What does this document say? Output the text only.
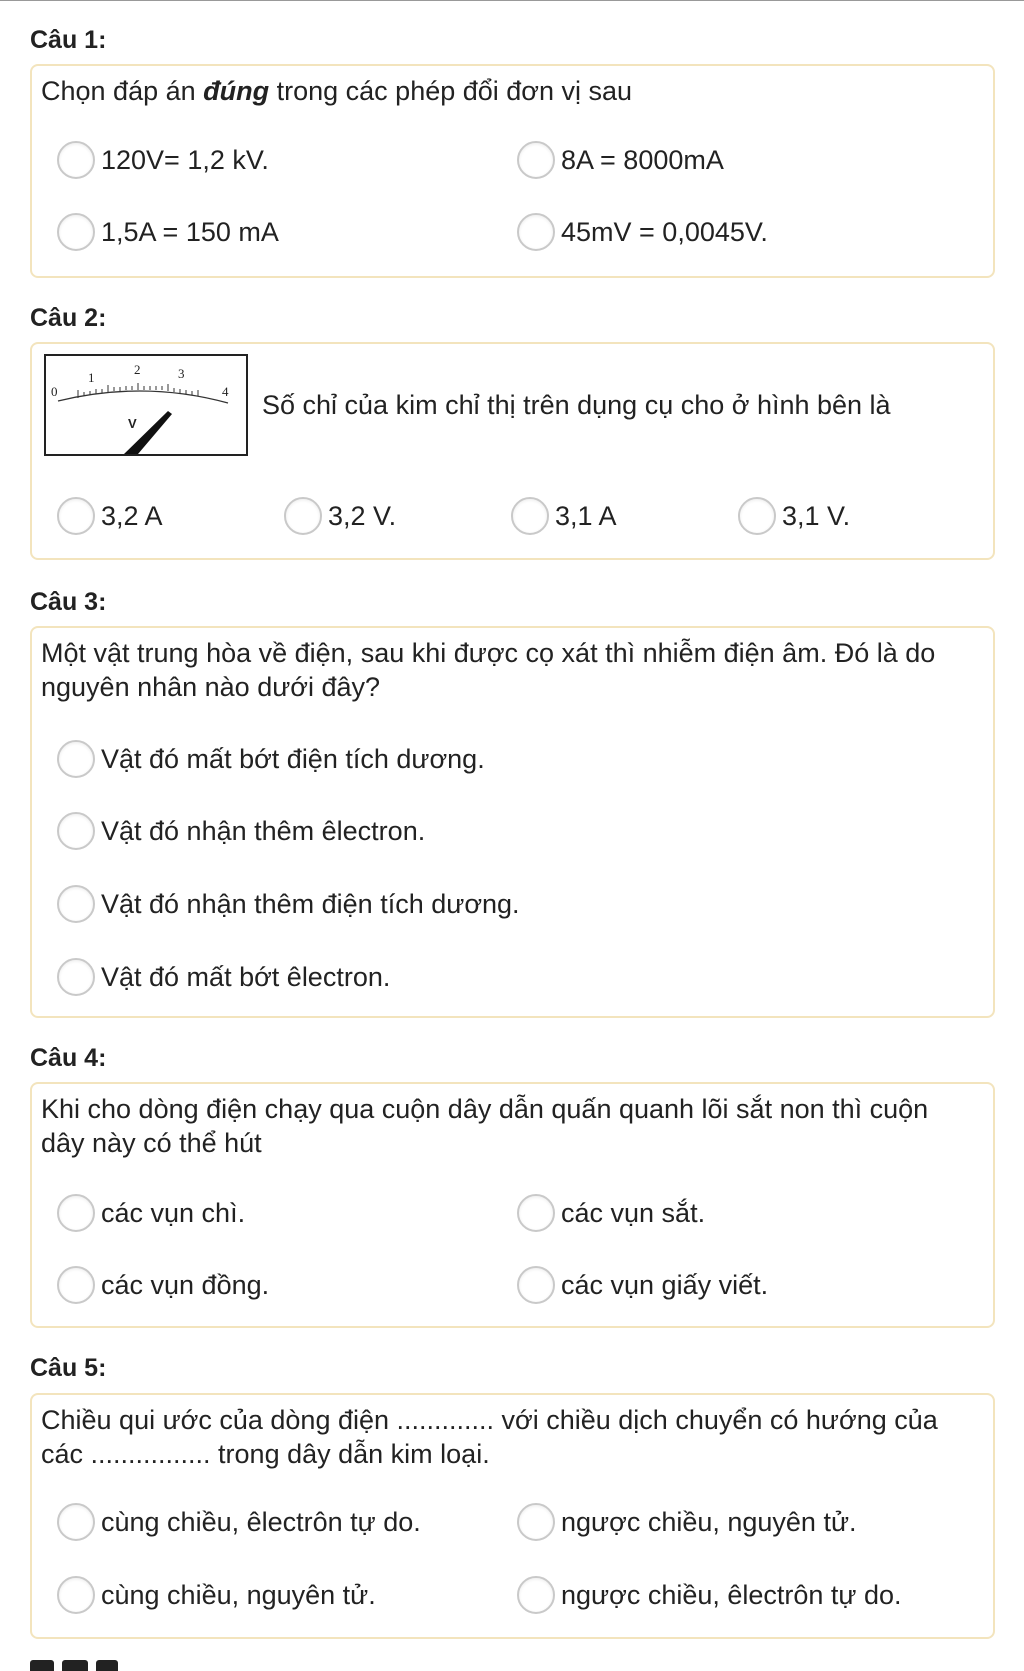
Câu 1:
Chọn đáp án đúng trong các phép đổi đơn vị sau
120V= 1,2 kV.	8A = 8000mA
1,5A = 150 mA	45mV = 0,0045V.
Câu 2:
0
1
2	3
4
V
Số chỉ của kim chỉ thị trên dụng cụ cho ở hình bên là
3,2 A	3,2 V.	3,1 A	3,1 V.
Câu 3:
Một vật trung hòa về điện, sau khi được cọ xát thì nhiễm điện âm. Đó là do nguyên nhân nào dưới đây?
Vật đó mất bớt điện tích dương.
Vật đó nhận thêm êlectron.
Vật đó nhận thêm điện tích dương.
Vật đó mất bớt êlectron.
Câu 4:
Khi cho dòng điện chạy qua cuộn dây dẫn quấn quanh lõi sắt non thì cuộn dây này có thể hút
các vụn chì.	các vụn sắt.
các vụn đồng.	các vụn giấy viết.
Câu 5:
Chiều qui ước của dòng điện ............. với chiều dịch chuyển có hướng của các ................ trong dây dẫn kim loại.
cùng chiều, êlectrôn tự do.	ngược chiều, nguyên tử.
cùng chiều, nguyên tử.	ngược chiều, êlectrôn tự do.
